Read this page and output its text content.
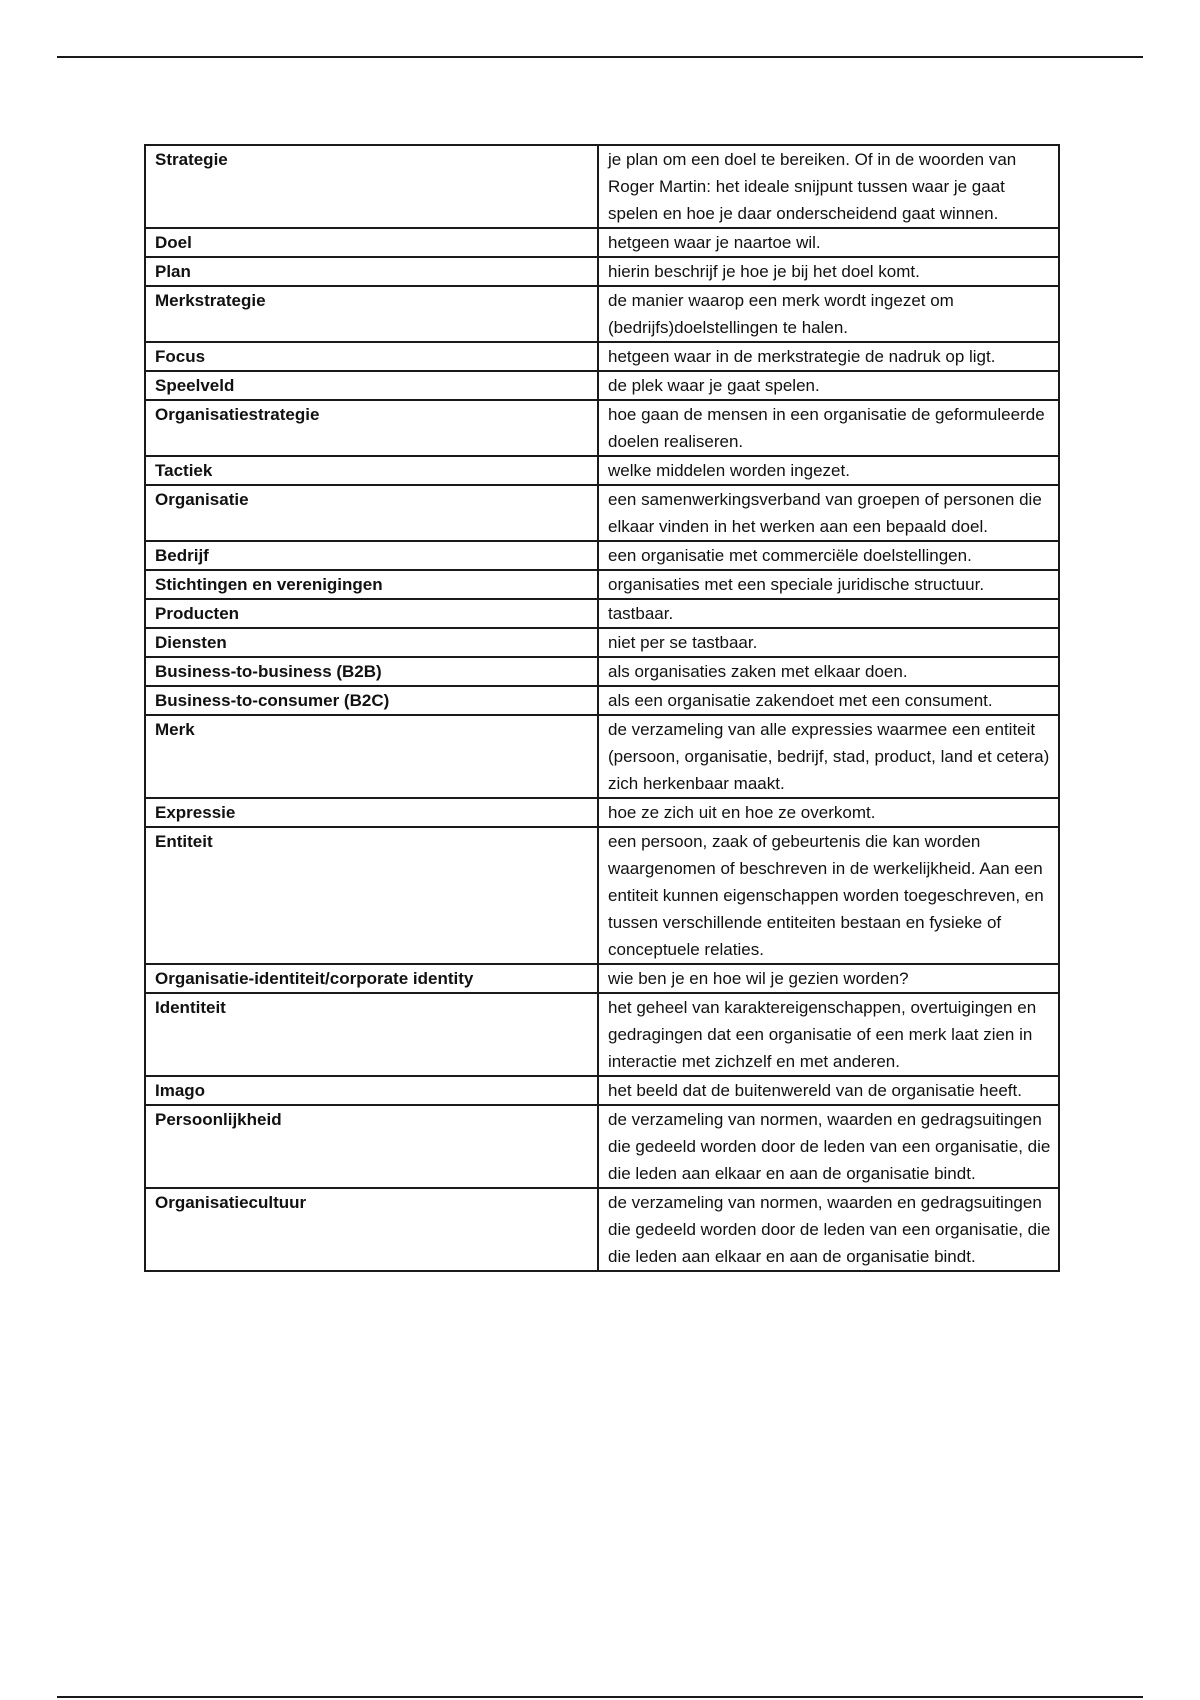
Strategie	je plan om een doel te bereiken. Of in de woorden van Roger Martin: het ideale snijpunt tussen waar je gaat spelen en hoe je daar onderscheidend gaat winnen.
Doel	hetgeen waar je naartoe wil.
Plan	hierin beschrijf je hoe je bij het doel komt.
Merkstrategie	de manier waarop een merk wordt ingezet om (bedrijfs)doelstellingen te halen.
Focus	hetgeen waar in de merkstrategie de nadruk op ligt.
Speelveld	de plek waar je gaat spelen.
Organisatiestrategie	hoe gaan de mensen in een organisatie de geformuleerde doelen realiseren.
Tactiek	welke middelen worden ingezet.
Organisatie	een samenwerkingsverband van groepen of personen die elkaar vinden in het werken aan een bepaald doel.
Bedrijf	een organisatie met commerciële doelstellingen.
Stichtingen en verenigingen	organisaties met een speciale juridische structuur.
Producten	tastbaar.
Diensten	niet per se tastbaar.
Business-to-business (B2B)	als organisaties zaken met elkaar doen.
Business-to-consumer (B2C)	als een organisatie zakendoet met een consument.
Merk	de verzameling van alle expressies waarmee een entiteit (persoon, organisatie, bedrijf, stad, product, land et cetera) zich herkenbaar maakt.
Expressie	hoe ze zich uit en hoe ze overkomt.
Entiteit	een persoon, zaak of gebeurtenis die kan worden waargenomen of beschreven in de werkelijkheid. Aan een entiteit kunnen eigenschappen worden toegeschreven, en tussen verschillende entiteiten bestaan en fysieke of conceptuele relaties.
Organisatie-identiteit/corporate identity	wie ben je en hoe wil je gezien worden?
Identiteit	het geheel van karaktereigenschappen, overtuigingen en gedragingen dat een organisatie of een merk laat zien in interactie met zichzelf en met anderen.
Imago	het beeld dat de buitenwereld van de organisatie heeft.
Persoonlijkheid	de verzameling van normen, waarden en gedragsuitingen die gedeeld worden door de leden van een organisatie, die die leden aan elkaar en aan de organisatie bindt.
Organisatiecultuur	de verzameling van normen, waarden en gedragsuitingen die gedeeld worden door de leden van een organisatie, die die leden aan elkaar en aan de organisatie bindt.
